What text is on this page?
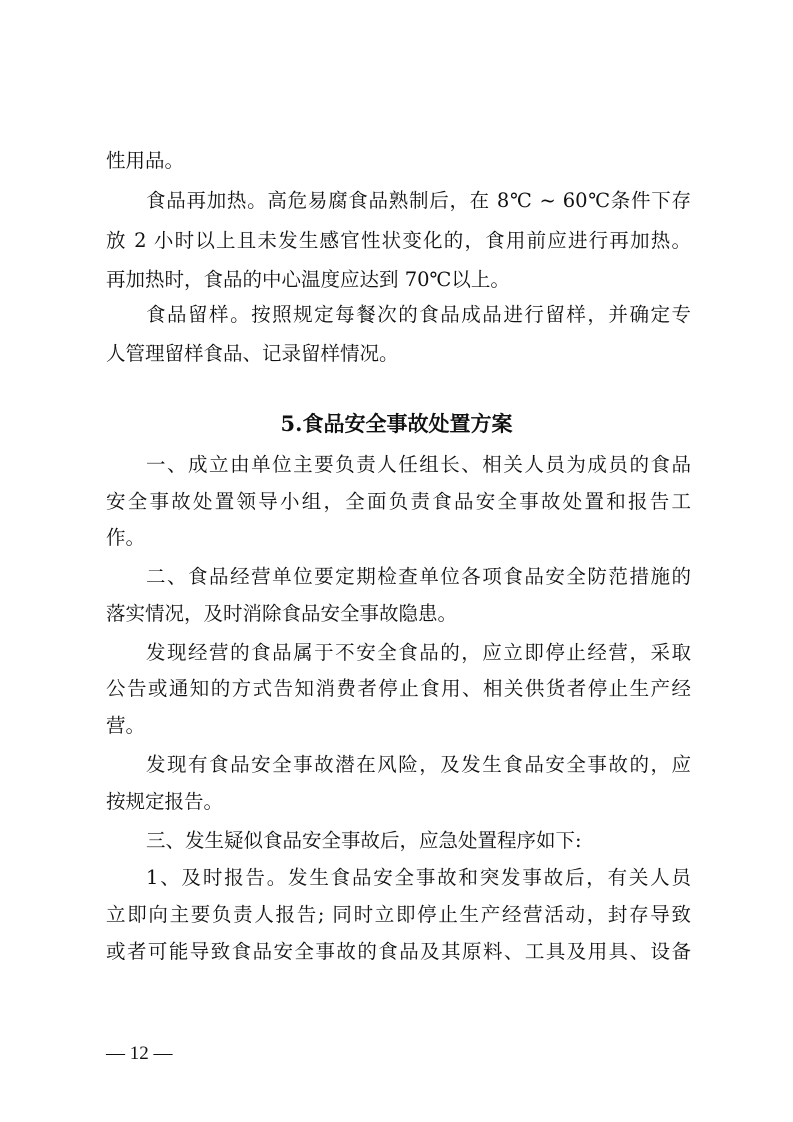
性用品。
食品再加热。高危易腐食品熟制后，在 8℃ ~ 60℃条件下存
放 2 小时以上且未发生感官性状变化的，食用前应进行再加热。
再加热时，食品的中心温度应达到 70℃以上。
食品留样。按照规定每餐次的食品成品进行留样，并确定专
人管理留样食品、记录留样情况。
5.食品安全事故处置方案
一、成立由单位主要负责人任组长、相关人员为成员的食品
安全事故处置领导小组，全面负责食品安全事故处置和报告工
作。
二、食品经营单位要定期检查单位各项食品安全防范措施的
落实情况，及时消除食品安全事故隐患。
发现经营的食品属于不安全食品的，应立即停止经营，采取
公告或通知的方式告知消费者停止食用、相关供货者停止生产经
营。
发现有食品安全事故潜在风险，及发生食品安全事故的，应
按规定报告。
三、发生疑似食品安全事故后，应急处置程序如下:
1、及时报告。发生食品安全事故和突发事故后，有关人员
立即向主要负责人报告; 同时立即停止生产经营活动，封存导致
或者可能导致食品安全事故的食品及其原料、工具及用具、设备
— 12 —
